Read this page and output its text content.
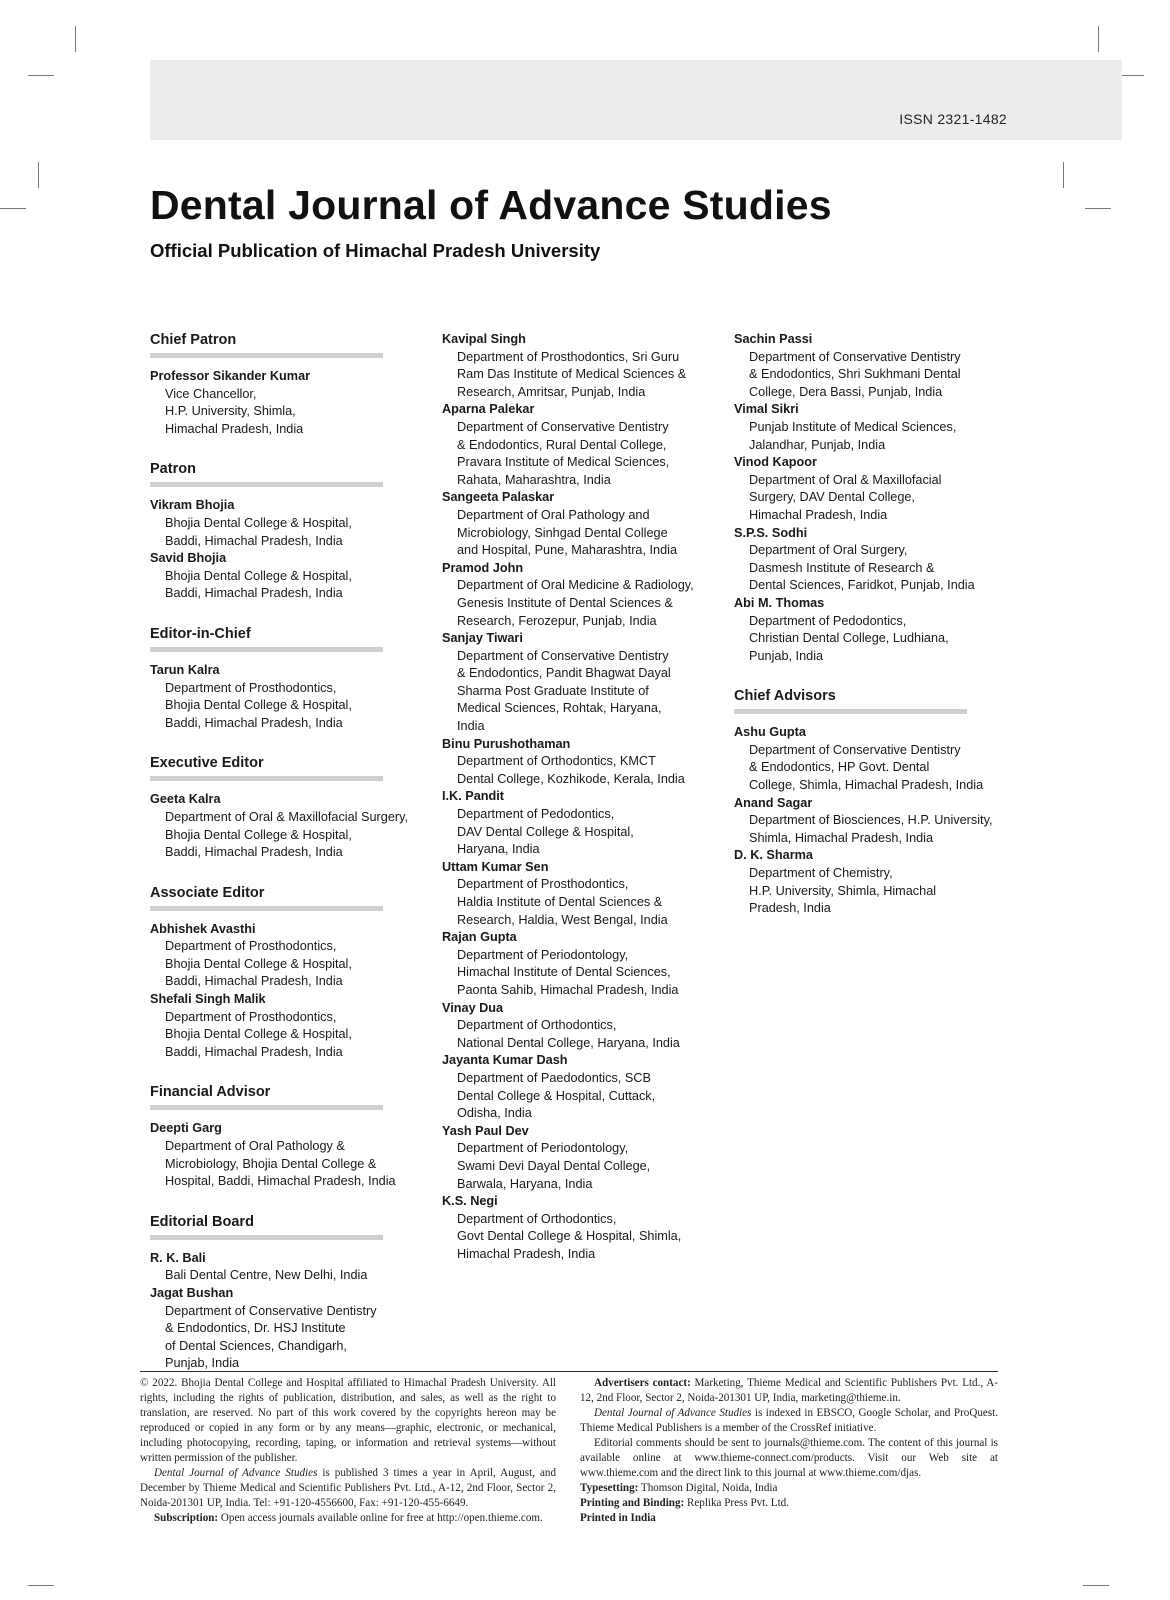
ISSN 2321-1482
Dental Journal of Advance Studies
Official Publication of Himachal Pradesh University
Chief Patron
Professor Sikander Kumar
Vice Chancellor,
H.P. University, Shimla,
Himachal Pradesh, India
Patron
Vikram Bhojia
Bhojia Dental College & Hospital,
Baddi, Himachal Pradesh, India
Savid Bhojia
Bhojia Dental College & Hospital,
Baddi, Himachal Pradesh, India
Editor-in-Chief
Tarun Kalra
Department of Prosthodontics,
Bhojia Dental College & Hospital,
Baddi, Himachal Pradesh, India
Executive Editor
Geeta Kalra
Department of Oral & Maxillofacial Surgery,
Bhojia Dental College & Hospital,
Baddi, Himachal Pradesh, India
Associate Editor
Abhishek Avasthi
Department of Prosthodontics,
Bhojia Dental College & Hospital,
Baddi, Himachal Pradesh, India
Shefali Singh Malik
Department of Prosthodontics,
Bhojia Dental College & Hospital,
Baddi, Himachal Pradesh, India
Financial Advisor
Deepti Garg
Department of Oral Pathology &
Microbiology, Bhojia Dental College &
Hospital, Baddi, Himachal Pradesh, India
Editorial Board
R. K. Bali
Bali Dental Centre, New Delhi, India
Jagat Bushan
Department of Conservative Dentistry
& Endodontics, Dr. HSJ Institute
of Dental Sciences, Chandigarh,
Punjab, India
Kavipal Singh
Department of Prosthodontics, Sri Guru
Ram Das Institute of Medical Sciences &
Research, Amritsar, Punjab, India
Aparna Palekar
Department of Conservative Dentistry
& Endodontics, Rural Dental College,
Pravara Institute of Medical Sciences,
Rahata, Maharashtra, India
Sangeeta Palaskar
Department of Oral Pathology and
Microbiology, Sinhgad Dental College
and Hospital, Pune, Maharashtra, India
Pramod John
Department of Oral Medicine & Radiology,
Genesis Institute of Dental Sciences &
Research, Ferozepur, Punjab, India
Sanjay Tiwari
Department of Conservative Dentistry
& Endodontics, Pandit Bhagwat Dayal
Sharma Post Graduate Institute of
Medical Sciences, Rohtak, Haryana,
India
Binu Purushothaman
Department of Orthodontics, KMCT
Dental College, Kozhikode, Kerala, India
I.K. Pandit
Department of Pedodontics,
DAV Dental College & Hospital,
Haryana, India
Uttam Kumar Sen
Department of Prosthodontics,
Haldia Institute of Dental Sciences &
Research, Haldia, West Bengal, India
Rajan Gupta
Department of Periodontology,
Himachal Institute of Dental Sciences,
Paonta Sahib, Himachal Pradesh, India
Vinay Dua
Department of Orthodontics,
National Dental College, Haryana, India
Jayanta Kumar Dash
Department of Paedodontics, SCB
Dental College & Hospital, Cuttack,
Odisha, India
Yash Paul Dev
Department of Periodontology,
Swami Devi Dayal Dental College,
Barwala, Haryana, India
K.S. Negi
Department of Orthodontics,
Govt Dental College & Hospital, Shimla,
Himachal Pradesh, India
Sachin Passi
Department of Conservative Dentistry
& Endodontics, Shri Sukhmani Dental
College, Dera Bassi, Punjab, India
Vimal Sikri
Punjab Institute of Medical Sciences,
Jalandhar, Punjab, India
Vinod Kapoor
Department of Oral & Maxillofacial
Surgery, DAV Dental College,
Himachal Pradesh, India
S.P.S. Sodhi
Department of Oral Surgery,
Dasmesh Institute of Research &
Dental Sciences, Faridkot, Punjab, India
Abi M. Thomas
Department of Pedodontics,
Christian Dental College, Ludhiana,
Punjab, India
Chief Advisors
Ashu Gupta
Department of Conservative Dentistry
& Endodontics, HP Govt. Dental
College, Shimla, Himachal Pradesh, India
Anand Sagar
Department of Biosciences, H.P. University,
Shimla, Himachal Pradesh, India
D. K. Sharma
Department of Chemistry,
H.P. University, Shimla, Himachal
Pradesh, India

© 2022. Bhojia Dental College and Hospital affiliated to Himachal Pradesh University. All rights, including the rights of publication, distribution, and sales, as well as the right to translation, are reserved. No part of this work covered by the copyrights hereon may be reproduced or copied in any form or by any means—graphic, electronic, or mechanical, including photocopying, recording, taping, or information and retrieval systems—without written permission of the publisher.

Dental Journal of Advance Studies is published 3 times a year in April, August, and December by Thieme Medical and Scientific Publishers Pvt. Ltd., A-12, 2nd Floor, Sector 2, Noida-201301 UP, India. Tel: +91-120-4556600, Fax: +91-120-455-6649.

Subscription: Open access journals available online for free at http://open.thieme.com.

Advertisers contact: Marketing, Thieme Medical and Scientific Publishers Pvt. Ltd., A-12, 2nd Floor, Sector 2, Noida-201301 UP, India, marketing@thieme.in.

Dental Journal of Advance Studies is indexed in EBSCO, Google Scholar, and ProQuest. Thieme Medical Publishers is a member of the CrossRef initiative.

Editorial comments should be sent to journals@thieme.com. The content of this journal is available online at www.thieme-connect.com/products. Visit our Web site at www.thieme.com and the direct link to this journal at www.thieme.com/djas.

Typesetting: Thomson Digital, Noida, India

Printing and Binding: Replika Press Pvt. Ltd.

Printed in India
